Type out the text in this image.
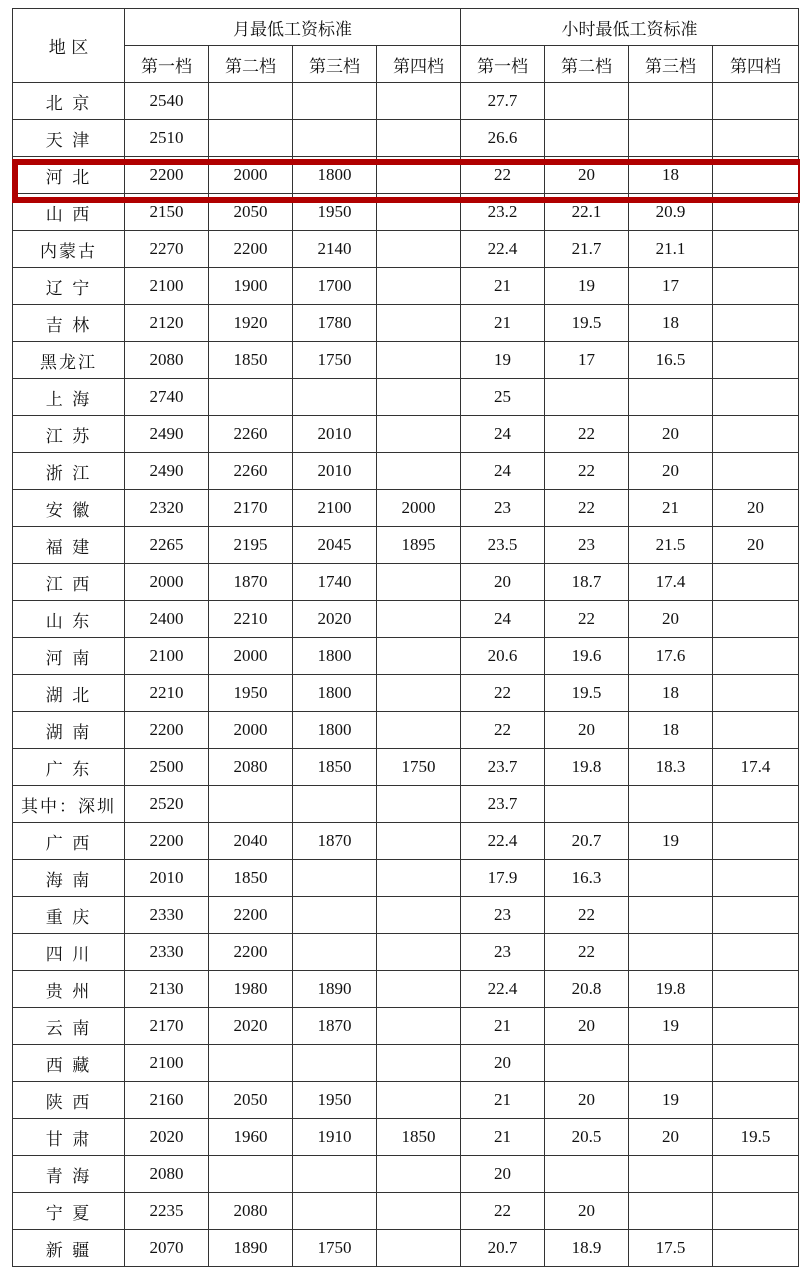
地 区	月最低工资标准				小时最低工资标准			
	第一档	第二档	第三档	第四档	第一档	第二档	第三档	第四档
北 京	2540				27.7			
天 津	2510				26.6			
河 北	2200	2000	1800		22	20	18	
山 西	2150	2050	1950		23.2	22.1	20.9	
内蒙古	2270	2200	2140		22.4	21.7	21.1	
辽 宁	2100	1900	1700		21	19	17	
吉 林	2120	1920	1780		21	19.5	18	
黑龙江	2080	1850	1750		19	17	16.5	
上 海	2740				25			
江 苏	2490	2260	2010		24	22	20	
浙 江	2490	2260	2010		24	22	20	
安 徽	2320	2170	2100	2000	23	22	21	20
福 建	2265	2195	2045	1895	23.5	23	21.5	20
江 西	2000	1870	1740		20	18.7	17.4	
山 东	2400	2210	2020		24	22	20	
河 南	2100	2000	1800		20.6	19.6	17.6	
湖 北	2210	1950	1800		22	19.5	18	
湖 南	2200	2000	1800		22	20	18	
广 东	2500	2080	1850	1750	23.7	19.8	18.3	17.4
其中：深圳	2520				23.7			
广 西	2200	2040	1870		22.4	20.7	19	
海 南	2010	1850			17.9	16.3		
重 庆	2330	2200			23	22		
四 川	2330	2200			23	22		
贵 州	2130	1980	1890		22.4	20.8	19.8	
云 南	2170	2020	1870		21	20	19	
西 藏	2100				20			
陕 西	2160	2050	1950		21	20	19	
甘 肃	2020	1960	1910	1850	21	20.5	20	19.5
青 海	2080				20			
宁 夏	2235	2080			22	20		
新 疆	2070	1890	1750		20.7	18.9	17.5	
